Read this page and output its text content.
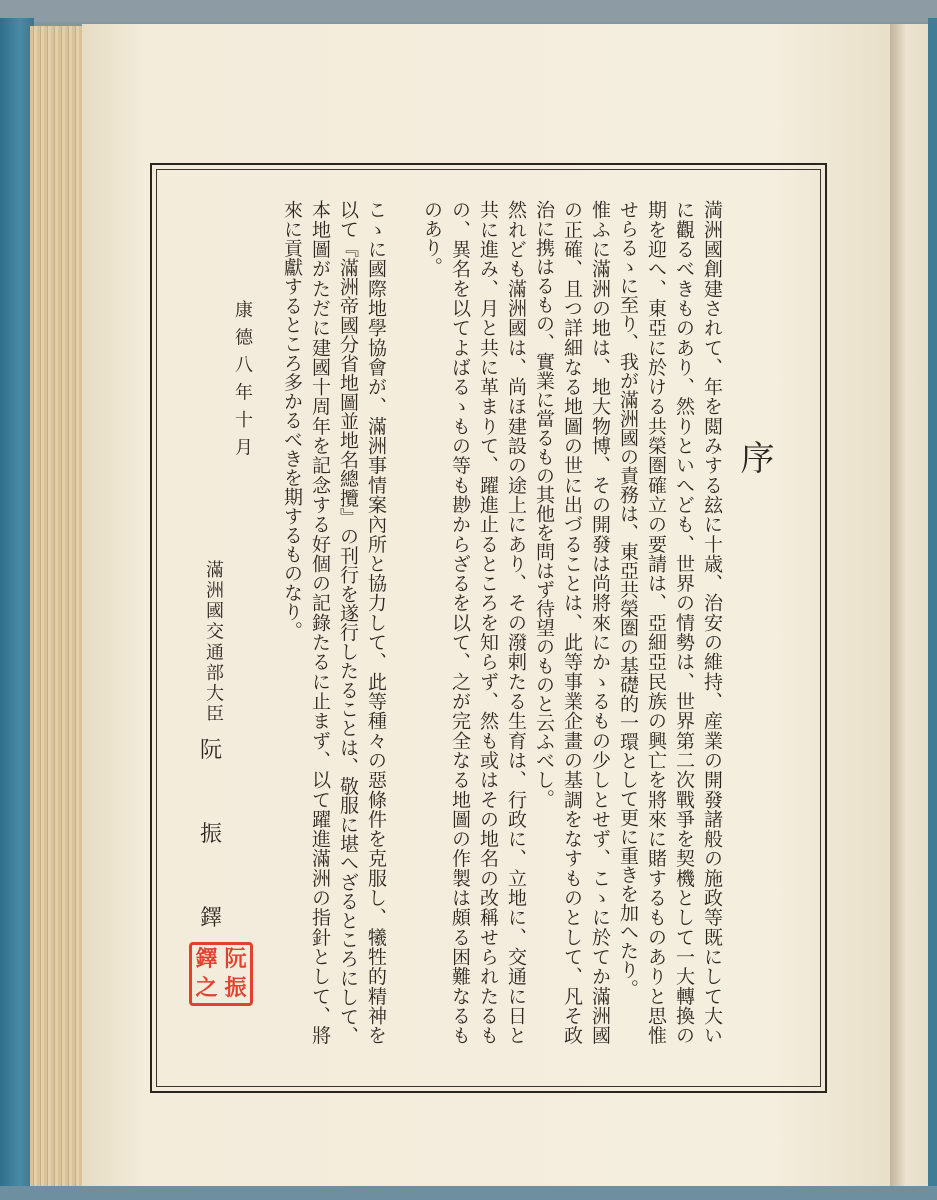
序
満洲國創建されて、年を閲みする玆に十歳、治安の維持、産業の開發諸般の施政等既にして大い
に觀るべきものあり、然りといへども、世界の情勢は、世界第二次戰爭を契機として一大轉換の
期を迎へ、東亞に於ける共榮圏確立の要請は、亞細亞民族の興亡を將來に賭するものありと思惟
せらるゝに至り、我が滿洲國の責務は、東亞共榮圏の基礎的一環として更に重きを加へたり。
惟ふに滿洲の地は、地大物博、その開發は尚將來にかゝるもの少しとせず、こゝに於てか滿洲國
の正確、且つ詳細なる地圖の世に出づることは、此等事業企畫の基調をなすものとして、凡そ政
治に携はるもの、實業に當るもの其他を問はず待望のものと云ふべし。
然れども滿洲國は、尚ほ建設の途上にあり、その潑剌たる生育は、行政に、立地に、交通に日と
共に進み、月と共に革まりて、躍進止るところを知らず、然も或はその地名の改稱せられたるも
の、異名を以てよばるゝもの等も尠からざるを以て、之が完全なる地圖の作製は頗る困難なるも
のあり。
こゝに國際地學協會が、滿洲事情案內所と協力して、此等種々の惡條件を克服し、犧牲的精神を
以て『滿洲帝國分省地圖並地名總攬』の刊行を遂行したることは、敬服に堪へざるところにして、
本地圖がただに建國十周年を記念する好個の記錄たるに止まず、以て躍進滿洲の指針として、將
來に貢獻するところ多かるべきを期するものなり。
康德八年十月
滿洲國交通部大臣
阮
振
鐸
阮
振
鐸
之
